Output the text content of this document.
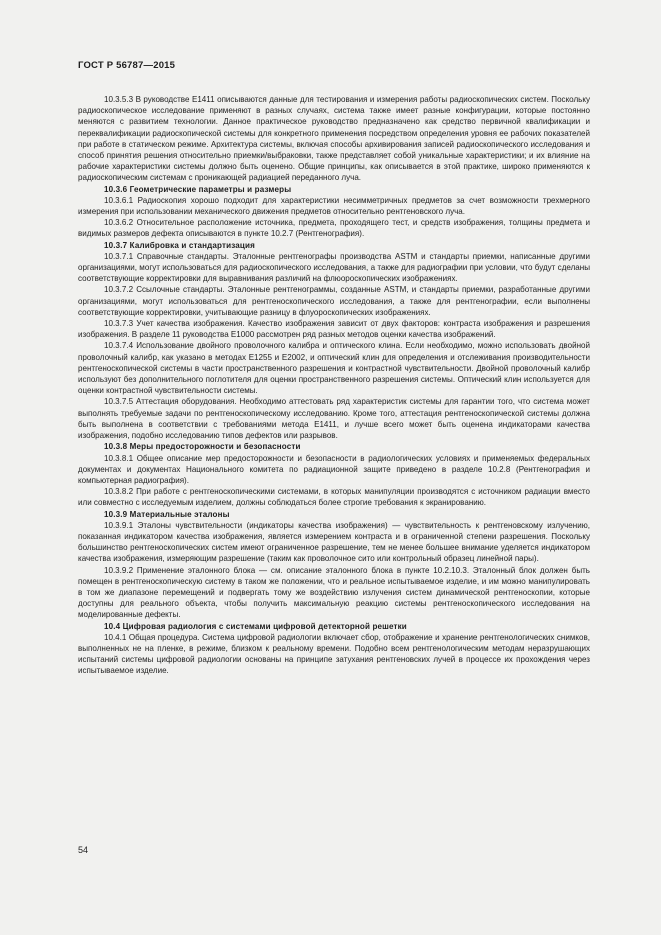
ГОСТ Р 56787—2015

10.3.5.3 В руководстве E1411 описываются данные для тестирования и измерения работы радиоскопических систем. Поскольку радиоскопическое исследование применяют в разных случаях, система также имеет разные конфигурации, которые постоянно меняются с развитием технологии. Данное практическое руководство предназначено как средство первичной квалификации и переквалификации радиоскопической системы для конкретного применения посредством определения уровня ее рабочих показателей при работе в статическом режиме. Архитектура системы, включая способы архивирования записей радиоскопического исследования и способ принятия решения относительно приемки/выбраковки, также представляет собой уникальные характеристики; и их влияние на рабочие характеристики системы должно быть оценено. Общие принципы, как описывается в этой практике, широко применяются к радиоскопическим системам с проникающей радиацией переданного луча.

10.3.6 Геометрические параметры и размеры

10.3.6.1 Радиоскопия хорошо подходит для характеристики несимметричных предметов за счет возможности трехмерного измерения при использовании механического движения предметов относительно рентгеновского луча.

10.3.6.2 Относительное расположение источника, предмета, проходящего тест, и средств изображения, толщины предмета и видимых размеров дефекта описываются в пункте 10.2.7 (Рентгенография).

10.3.7 Калибровка и стандартизация

10.3.7.1 Справочные стандарты. Эталонные рентгенографы производства ASTM и стандарты приемки, написанные другими организациями, могут использоваться для радиоскопического исследования, а также для радиографии при условии, что будут сделаны соответствующие корректировки для выравнивания различий на флюороскопических изображениях.

10.3.7.2 Ссылочные стандарты. Эталонные рентгенограммы, созданные ASTM, и стандарты приемки, разработанные другими организациями, могут использоваться для рентгеноскопического исследования, а также для рентгенографии, если выполнены соответствующие корректировки, учитывающие разницу в флуороскопических изображениях.

10.3.7.3 Учет качества изображения. Качество изображения зависит от двух факторов: контраста изображения и разрешения изображения. В разделе 11 руководства E1000 рассмотрен ряд разных методов оценки качества изображений.

10.3.7.4 Использование двойного проволочного калибра и оптического клина. Если необходимо, можно использовать двойной проволочный калибр, как указано в методах E1255 и E2002, и оптический клин для определения и отслеживания производительности рентгеноскопической системы в части пространственного разрешения и контрастной чувствительности. Двойной проволочный калибр используют без дополнительного поглотителя для оценки пространственного разрешения системы. Оптический клин используется для оценки контрастной чувствительности системы.

10.3.7.5 Аттестация оборудования. Необходимо аттестовать ряд характеристик системы для гарантии того, что система может выполнять требуемые задачи по рентгеноскопическому исследованию. Кроме того, аттестация рентгеноскопической системы должна быть выполнена в соответствии с требованиями метода E1411, и лучше всего может быть оценена индикаторами качества изображения, подобно исследованию типов дефектов или разрывов.

10.3.8 Меры предосторожности и безопасности

10.3.8.1 Общее описание мер предосторожности и безопасности в радиологических условиях и применяемых федеральных документах и документах Национального комитета по радиационной защите приведено в разделе 10.2.8 (Рентгенография и компьютерная радиография).

10.3.8.2 При работе с рентгеноскопическими системами, в которых манипуляции производятся с источником радиации вместо или совместно с исследуемым изделием, должны соблюдаться более строгие требования к экранированию.

10.3.9 Материальные эталоны

10.3.9.1 Эталоны чувствительности (индикаторы качества изображения) — чувствительность к рентгеновскому излучению, показанная индикатором качества изображения, является измерением контраста и в ограниченной степени разрешения. Поскольку большинство рентгеноскопических систем имеют ограниченное разрешение, тем не менее большее внимание уделяется индикатором качества изображения, измеряющим разрешение (таким как проволочное сито или контрольный образец линейной пары).

10.3.9.2 Применение эталонного блока — см. описание эталонного блока в пункте 10.2.10.3. Эталонный блок должен быть помещен в рентгеноскопическую систему в таком же положении, что и реальное испытываемое изделие, и им можно манипулировать в том же диапазоне перемещений и подвергать тому же воздействию излучения систем динамической рентгеноскопии, которые доступны для реального объекта, чтобы получить максимальную реакцию системы рентгеноскопического исследования на моделированные дефекты.

10.4 Цифровая радиология с системами цифровой детекторной решетки

10.4.1 Общая процедура. Система цифровой радиологии включает сбор, отображение и хранение рентгенологических снимков, выполненных не на пленке, в режиме, близком к реальному времени. Подобно всем рентгенологическим методам неразрушающих испытаний системы цифровой радиологии основаны на принципе затухания рентгеновских лучей в процессе их прохождения через испытываемое изделие.

54
